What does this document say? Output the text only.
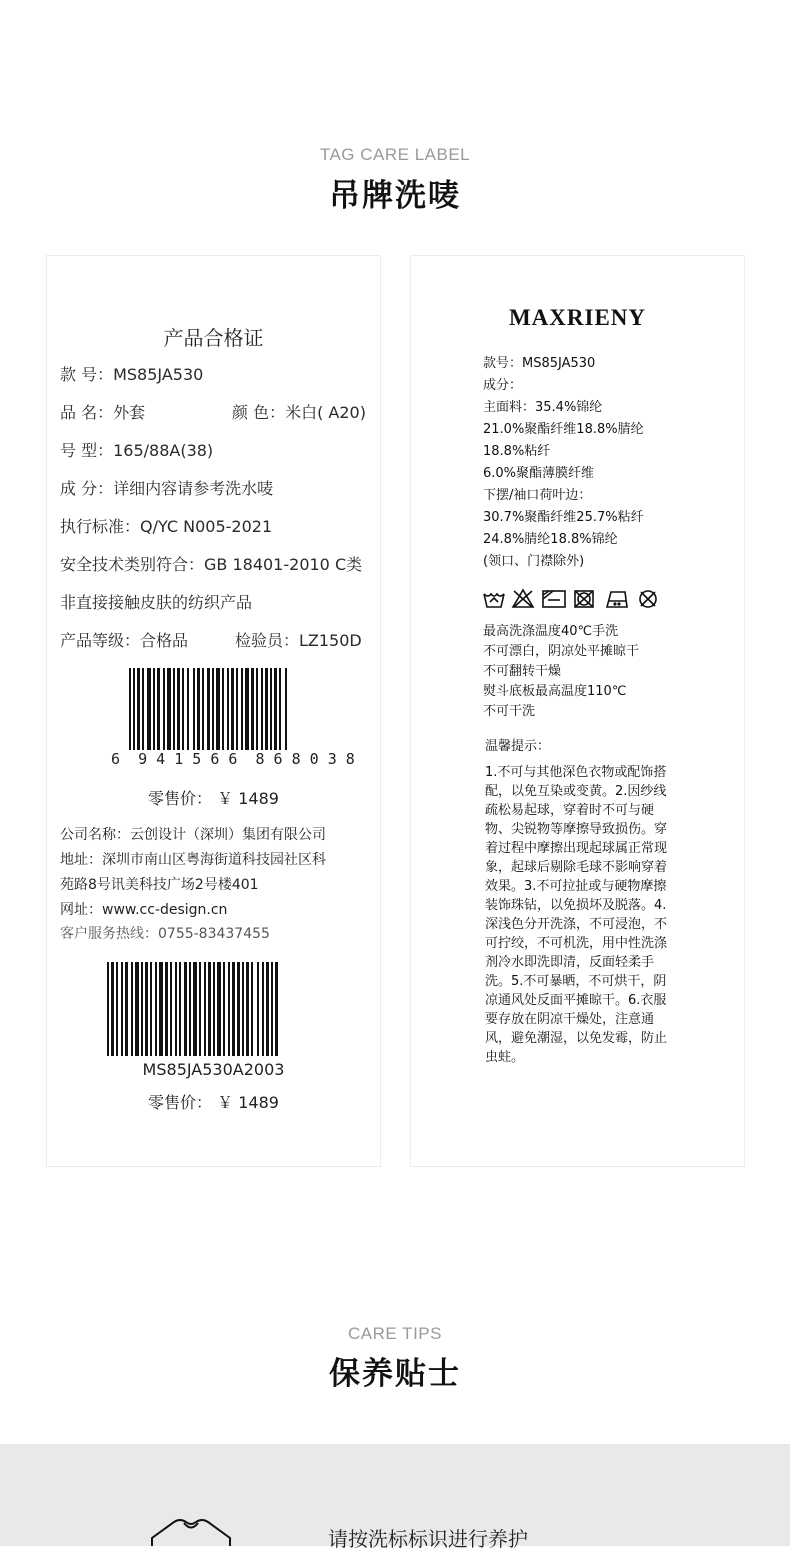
TAG CARE LABEL
吊牌洗唛
产品合格证
款 号：MS85JA530
品 名：外套	颜 色：米白( A20)
号 型：165/88A(38)
成 分：详细内容请参考洗水唛
执行标准：Q/YC N005-2021
安全技术类别符合：GB 18401-2010 C类
非直接接触皮肤的纺织产品
产品等级：合格品	检验员：LZ150D
6  9 4 1 5 6 6  8 6 8 0 3 8
零售价： ￥ 1489
公司名称：云创设计（深圳）集团有限公司
地址：深圳市南山区粤海街道科技园社区科
苑路8号讯美科技广场2号楼401
网址：www.cc-design.cn
客户服务热线：0755-83437455
MS85JA530A2003
零售价： ￥ 1489
MAXRIENY
款号：MS85JA530
成分：
主面料：35.4%锦纶
21.0%聚酯纤维18.8%腈纶
18.8%粘纤
6.0%聚酯薄膜纤维
下摆/袖口荷叶边：
30.7%聚酯纤维25.7%粘纤
24.8%腈纶18.8%锦纶
(领口、门襟除外)
最高洗涤温度40℃手洗
不可漂白，阴凉处平摊晾干
不可翻转干燥
熨斗底板最高温度110℃
不可干洗
温馨提示：
1.不可与其他深色衣物或配饰搭配，以免互染或变黄。2.因纱线疏松易起球，穿着时不可与硬物、尖锐物等摩擦导致损伤。穿着过程中摩擦出现起球属正常现象，起球后剔除毛球不影响穿着效果。3.不可拉扯或与硬物摩擦装饰珠钻，以免损坏及脱落。4.深浅色分开洗涤，不可浸泡，不可拧绞，不可机洗，用中性洗涤剂冷水即洗即清，反面轻柔手洗。5.不可暴晒，不可烘干，阴凉通风处反面平摊晾干。6.衣服要存放在阴凉干燥处，注意通风，避免潮湿，以免发霉，防止虫蛀。
CARE TIPS
保养贴士
请按洗标标识进行养护
